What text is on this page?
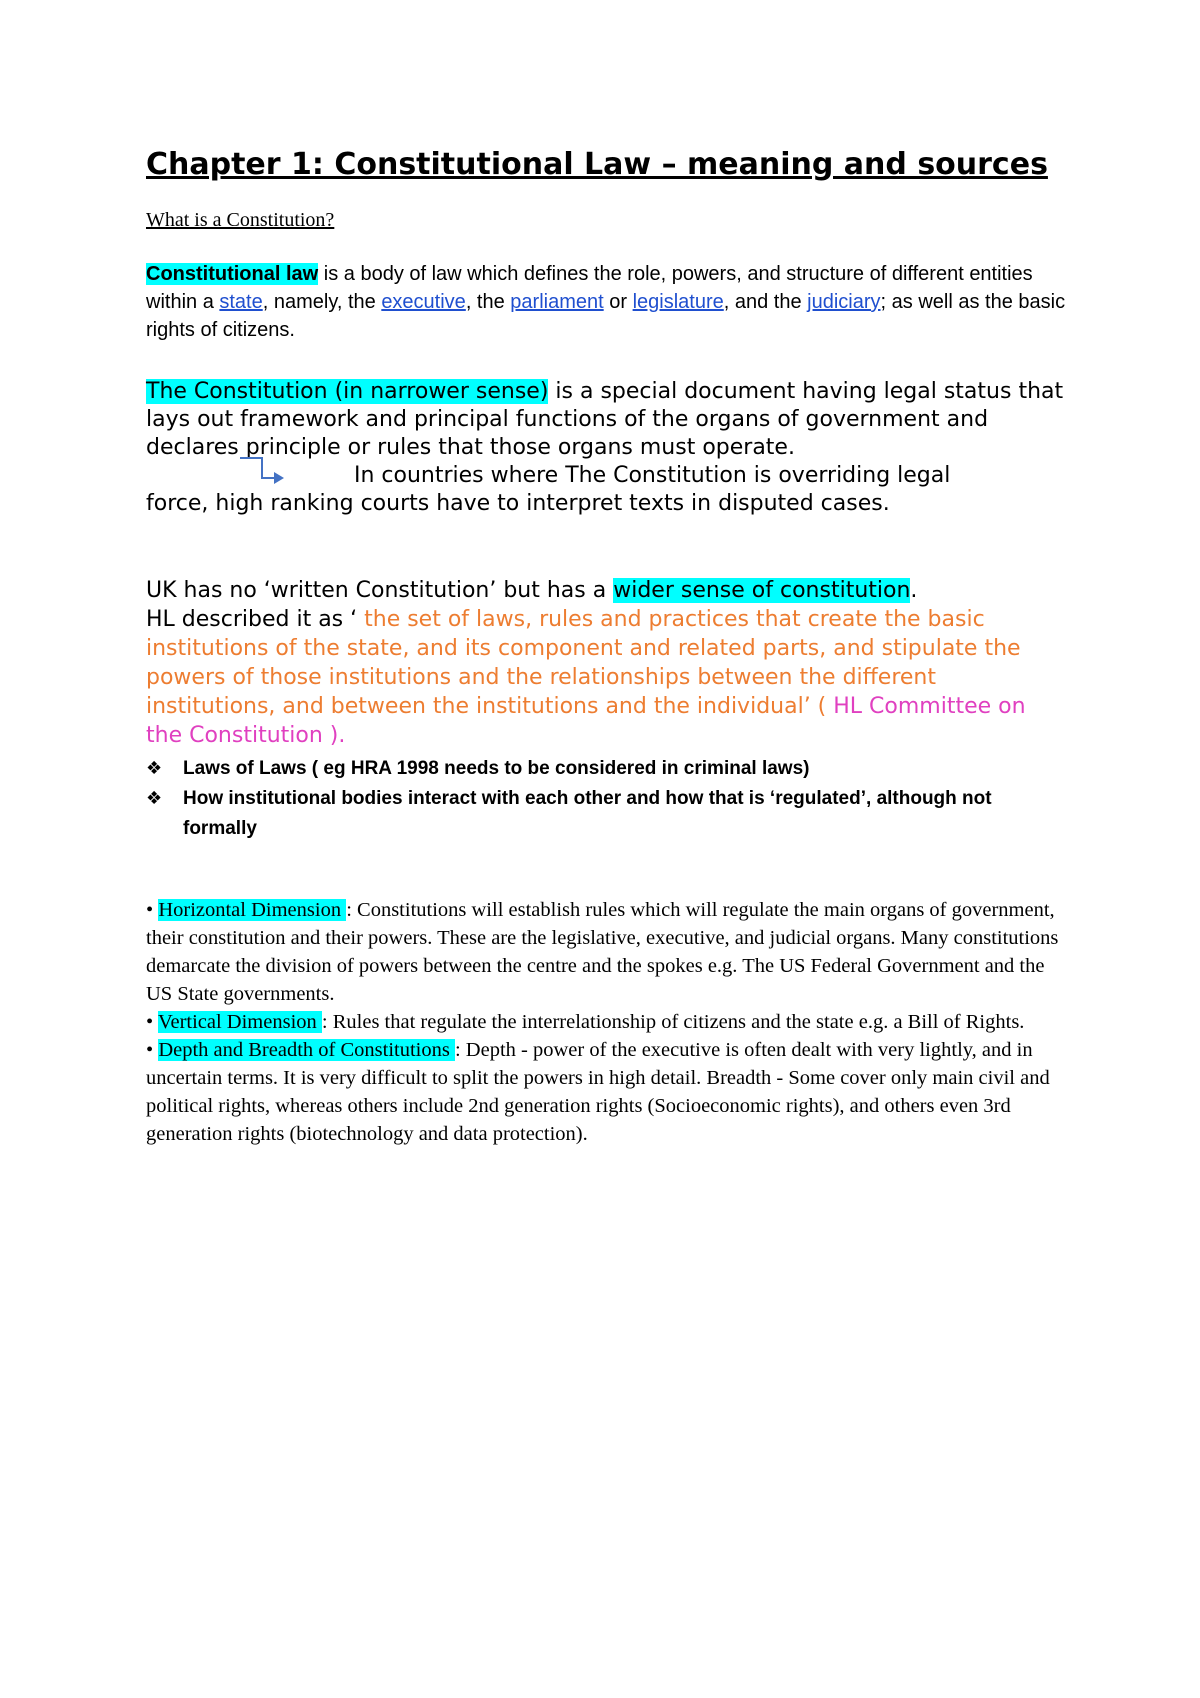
Chapter 1: Constitutional Law – meaning and sources

What is a Constitution?

Constitutional law is a body of law which defines the role, powers, and structure of different entities within a state, namely, the executive, the parliament or legislature, and the judiciary; as well as the basic rights of citizens.

The Constitution (in narrower sense) is a special document having legal status that lays out framework and principal functions of the organs of government and declares principle or rules that those organs must operate.

In countries where The Constitution is overriding legal

force, high ranking courts have to interpret texts in disputed cases.

UK has no ‘written Constitution’ but has a wider sense of constitution.

HL described it as ‘ the set of laws, rules and practices that create the basic institutions of the state, and its component and related parts, and stipulate the powers of those institutions and the relationships between the different institutions, and between the institutions and the individual’ ( HL Committee on the Constitution ).

❖ Laws of Laws ( eg HRA 1998 needs to be considered in criminal laws)
❖ How institutional bodies interact with each other and how that is ‘regulated’, although not formally

• Horizontal Dimension : Constitutions will establish rules which will regulate the main organs of government, their constitution and their powers. These are the legislative, executive, and judicial organs. Many constitutions demarcate the division of powers between the centre and the spokes e.g. The US Federal Government and the US State governments.

• Vertical Dimension : Rules that regulate the interrelationship of citizens and the state e.g. a Bill of Rights.

• Depth and Breadth of Constitutions : Depth - power of the executive is often dealt with very lightly, and in uncertain terms. It is very difficult to split the powers in high detail. Breadth - Some cover only main civil and political rights, whereas others include 2nd generation rights (Socioeconomic rights), and others even 3rd generation rights (biotechnology and data protection).
